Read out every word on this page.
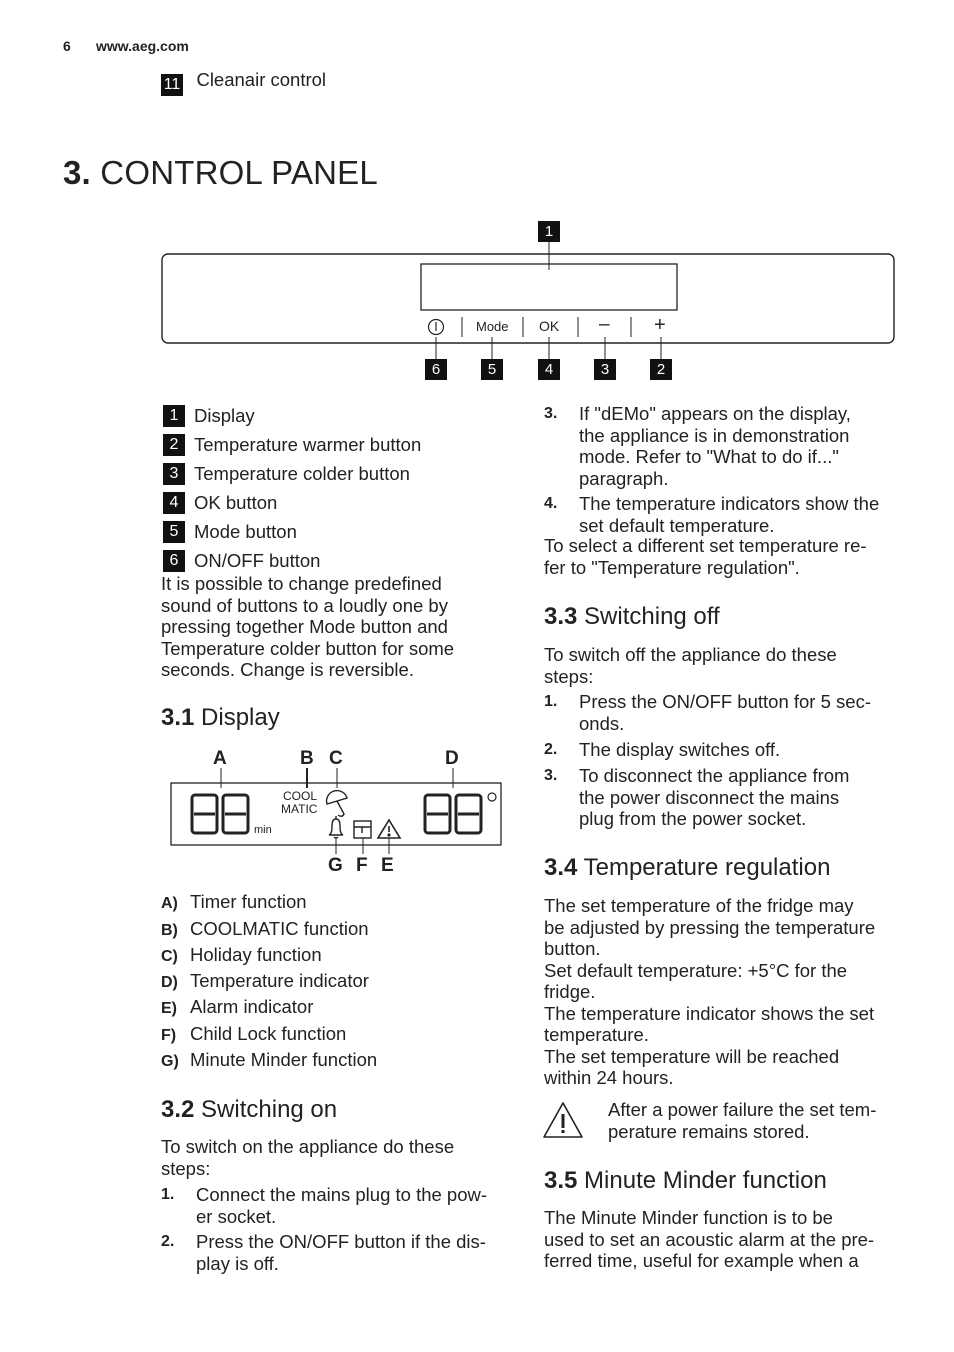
6 www.aeg.com
11 Cleanair control
3. CONTROL PANEL
Mode OK – +
1
6	5	4	3	2
1 Display
2 Temperature warmer button
3 Temperature colder button
4 OK button
5 Mode button
6 ON/OFF button
It is possible to change predefined
sound of buttons to a loudly one by
pressing together Mode button and
Temperature colder button for some
seconds. Change is reversible.
3.1 Display
A	B C	D
G F E
COOL
MATIC
min
A) Timer function
B) COOLMATIC function
C) Holiday function
D) Temperature indicator
E) Alarm indicator
F) Child Lock function
G) Minute Minder function
3.2 Switching on
To switch on the appliance do these
steps:
1. Connect the mains plug to the pow-
er socket.
2. Press the ON/OFF button if the dis-
play is off.
3. If "dEMo" appears on the display,
the appliance is in demonstration
mode. Refer to "What to do if..."
paragraph.
4. The temperature indicators show the
set default temperature.
To select a different set temperature re-
fer to "Temperature regulation".
3.3 Switching off
To switch off the appliance do these
steps:
1. Press the ON/OFF button for 5 sec-
onds.
2. The display switches off.
3. To disconnect the appliance from
the power disconnect the mains
plug from the power socket.
3.4 Temperature regulation
The set temperature of the fridge may
be adjusted by pressing the temperature
button.
Set default temperature: +5°C for the
fridge.
The temperature indicator shows the set
temperature.
The set temperature will be reached
within 24 hours.
After a power failure the set tem-
perature remains stored.
3.5 Minute Minder function
The Minute Minder function is to be
used to set an acoustic alarm at the pre-
ferred time, useful for example when a
